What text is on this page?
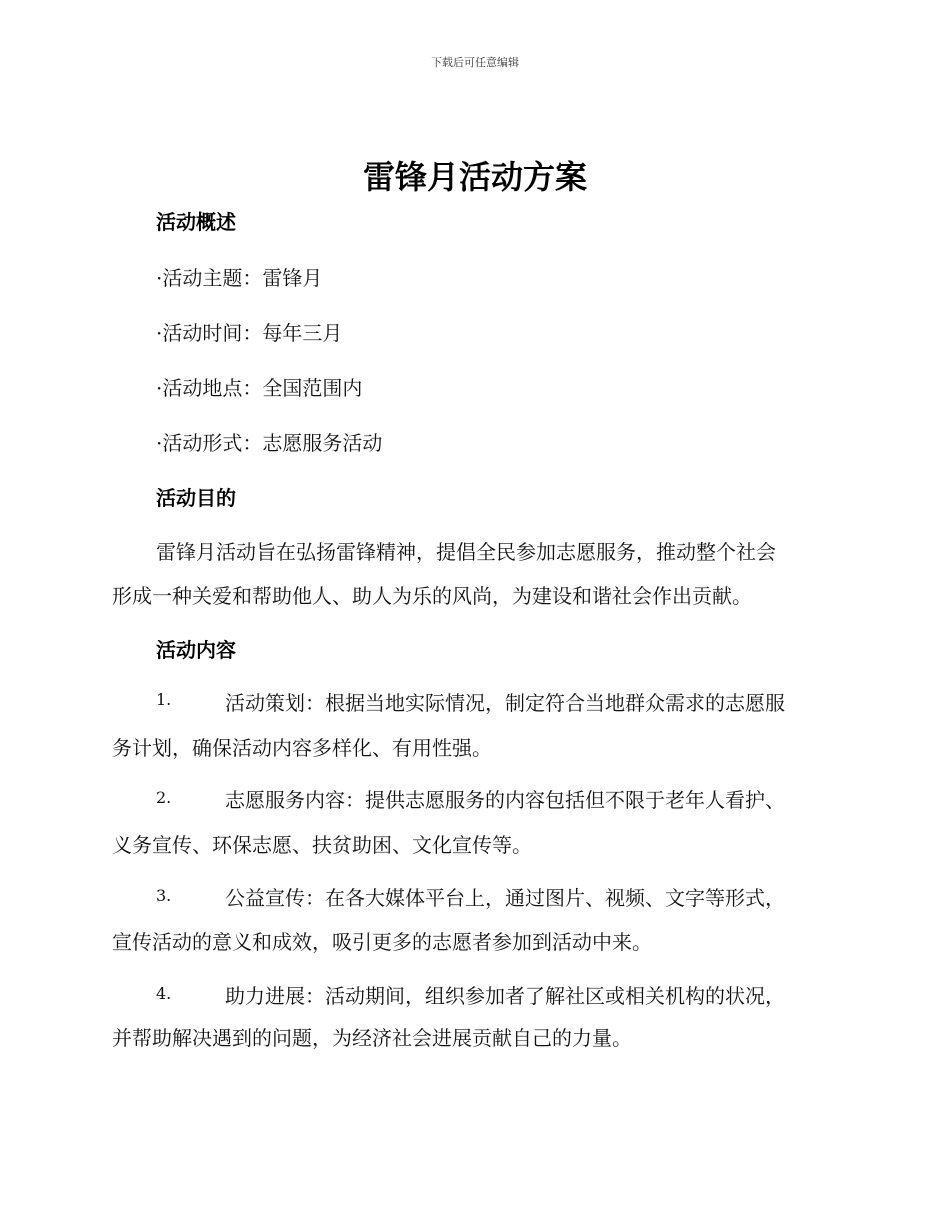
下载后可任意编辑
雷锋月活动方案
活动概述
·活动主题：雷锋月
·活动时间：每年三月
·活动地点：全国范围内
·活动形式：志愿服务活动
活动目的
雷锋月活动旨在弘扬雷锋精神，提倡全民参加志愿服务，推动整个社会
形成一种关爱和帮助他人、助人为乐的风尚，为建设和谐社会作出贡献。
活动内容
1.	活动策划：根据当地实际情况，制定符合当地群众需求的志愿服
务计划，确保活动内容多样化、有用性强。
2.	志愿服务内容：提供志愿服务的内容包括但不限于老年人看护、
义务宣传、环保志愿、扶贫助困、文化宣传等。
3.	公益宣传：在各大媒体平台上，通过图片、视频、文字等形式，
宣传活动的意义和成效，吸引更多的志愿者参加到活动中来。
4.	助力进展：活动期间，组织参加者了解社区或相关机构的状况，
并帮助解决遇到的问题，为经济社会进展贡献自己的力量。
